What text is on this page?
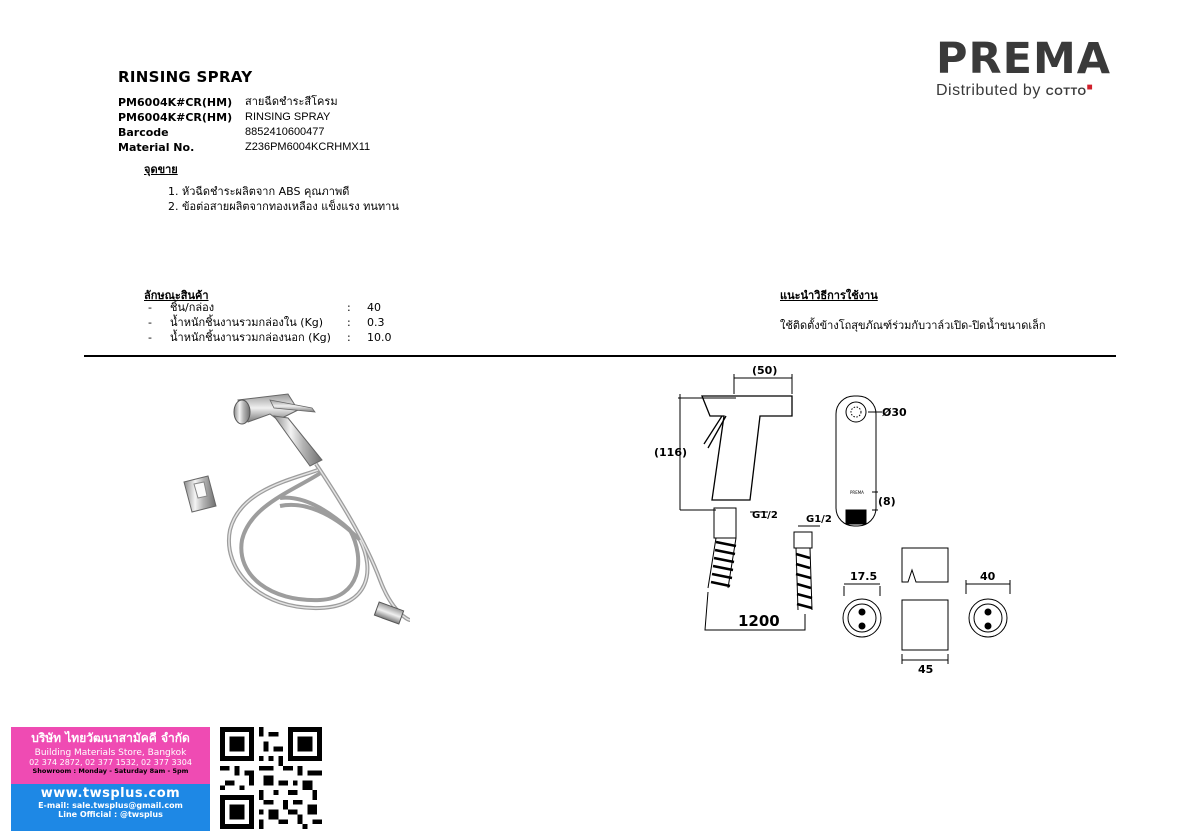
RINSING SPRAY
PM6004K#CR(HM)	สายฉีดชำระสีโครม
PM6004K#CR(HM)	RINSING SPRAY
Barcode	8852410600477
Material No.	Z236PM6004KCRHMX11
จุดขาย
1. หัวฉีดชำระผลิตจาก ABS คุณภาพดี
2. ข้อต่อสายผลิตจากทองเหลือง แข็งแรง ทนทาน
ลักษณะสินค้า
-	ชิ้น/กล่อง	:	40
-	น้ำหนักชิ้นงานรวมกล่องใน (Kg)	:	0.3
-	น้ำหนักชิ้นงานรวมกล่องนอก (Kg)	:	10.0
แนะนำวิธีการใช้งาน
ใช้ติดตั้งข้างโถสุขภัณฑ์ร่วมกับวาล์วเปิด-ปิดน้ำขนาดเล็ก
PREMA
Distributed by COTTO■
(50)
(116)
G1/2	G1/2
1200
Ø30
(8)
PREMA
17.5	40
45
บริษัท ไทยวัฒนาสามัคคี จำกัด
Building Materials Store, Bangkok
02 374 2872, 02 377 1532, 02 377 3304
Showroom : Monday - Saturday 8am - 5pm
www.twsplus.com
E-mail: sale.twsplus@gmail.com
Line Official : @twsplus
